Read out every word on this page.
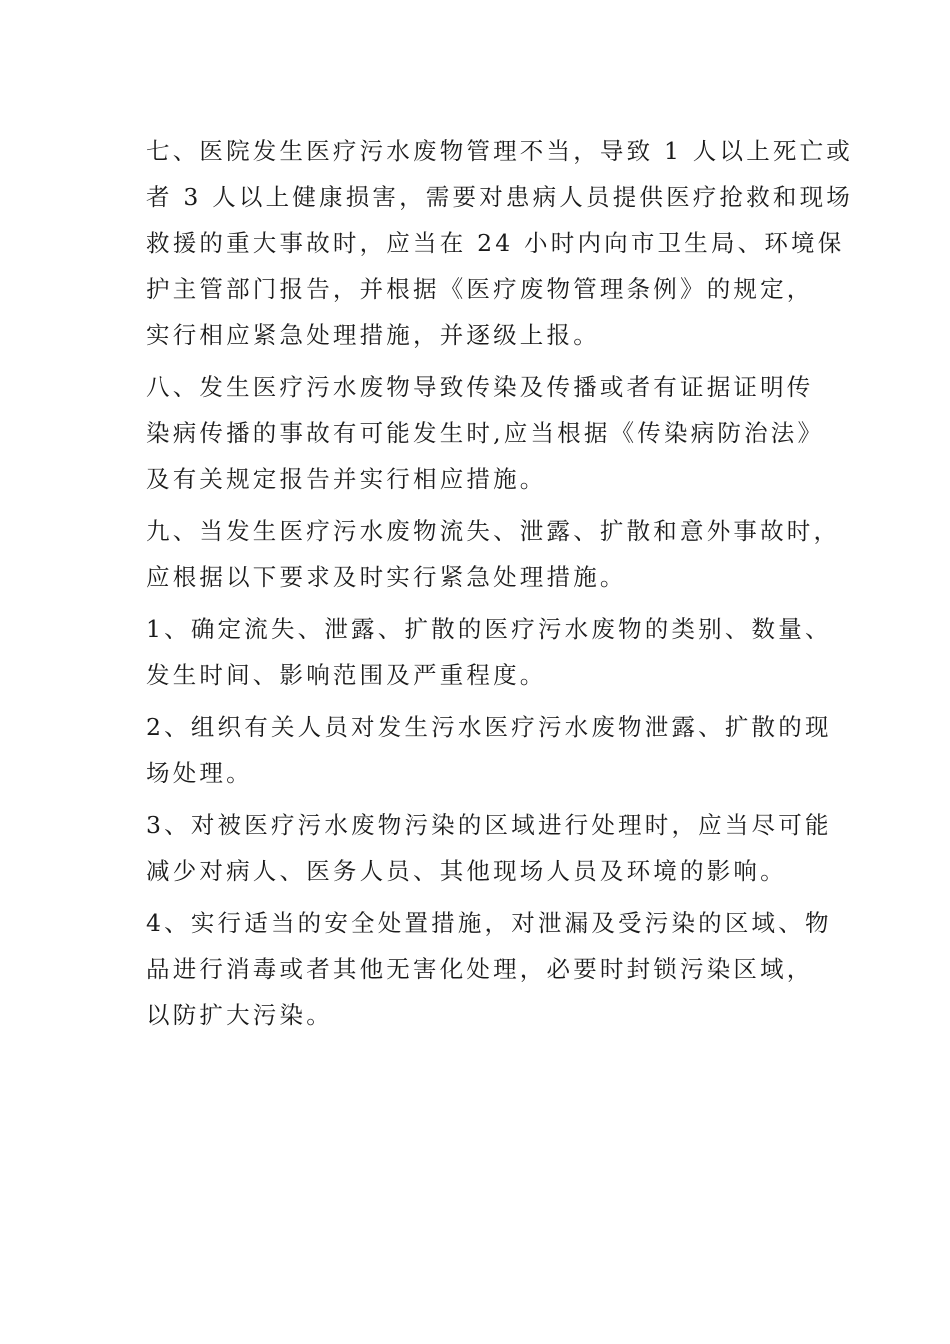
七、医院发生医疗污水废物管理不当，导致 1 人以上死亡或
者 3 人以上健康损害，需要对患病人员提供医疗抢救和现场
救援的重大事故时，应当在 24 小时内向市卫生局、环境保
护主管部门报告，并根据《医疗废物管理条例》的规定，
实行相应紧急处理措施，并逐级上报。
八、发生医疗污水废物导致传染及传播或者有证据证明传
染病传播的事故有可能发生时,应当根据《传染病防治法》
及有关规定报告并实行相应措施。
九、当发生医疗污水废物流失、泄露、扩散和意外事故时，
应根据以下要求及时实行紧急处理措施。
1、确定流失、泄露、扩散的医疗污水废物的类别、数量、
发生时间、影响范围及严重程度。
2、组织有关人员对发生污水医疗污水废物泄露、扩散的现
场处理。
3、对被医疗污水废物污染的区域进行处理时，应当尽可能
减少对病人、医务人员、其他现场人员及环境的影响。
4、实行适当的安全处置措施，对泄漏及受污染的区域、物
品进行消毒或者其他无害化处理，必要时封锁污染区域，
以防扩大污染。
